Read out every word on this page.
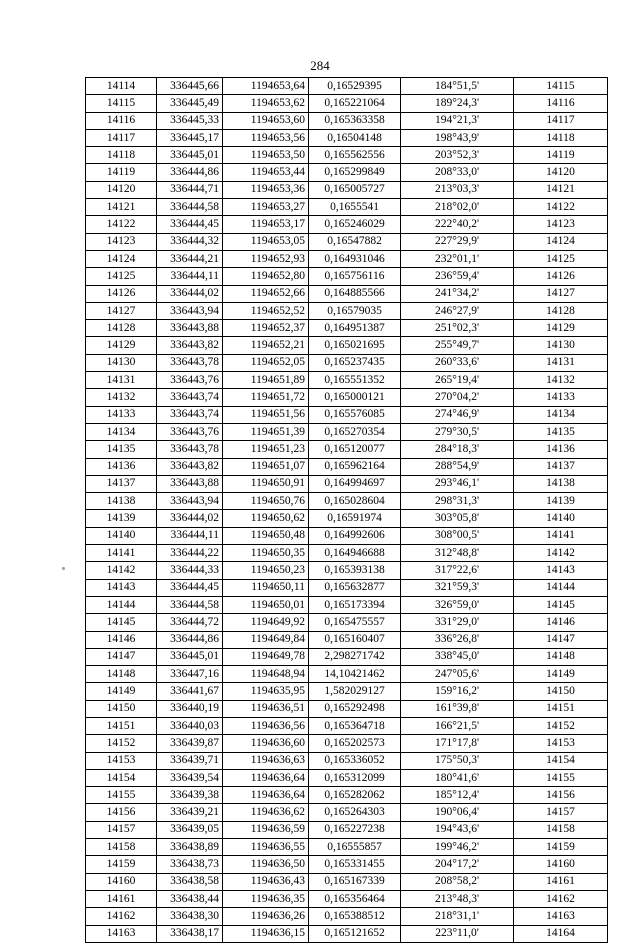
284
14114	336445,66	1194653,64	0,16529395	184°51,5'	14115
14115	336445,49	1194653,62	0,165221064	189°24,3'	14116
14116	336445,33	1194653,60	0,165363358	194°21,3'	14117
14117	336445,17	1194653,56	0,16504148	198°43,9'	14118
14118	336445,01	1194653,50	0,165562556	203°52,3'	14119
14119	336444,86	1194653,44	0,165299849	208°33,0'	14120
14120	336444,71	1194653,36	0,165005727	213°03,3'	14121
14121	336444,58	1194653,27	0,1655541	218°02,0'	14122
14122	336444,45	1194653,17	0,165246029	222°40,2'	14123
14123	336444,32	1194653,05	0,16547882	227°29,9'	14124
14124	336444,21	1194652,93	0,164931046	232°01,1'	14125
14125	336444,11	1194652,80	0,165756116	236°59,4'	14126
14126	336444,02	1194652,66	0,164885566	241°34,2'	14127
14127	336443,94	1194652,52	0,16579035	246°27,9'	14128
14128	336443,88	1194652,37	0,164951387	251°02,3'	14129
14129	336443,82	1194652,21	0,165021695	255°49,7'	14130
14130	336443,78	1194652,05	0,165237435	260°33,6'	14131
14131	336443,76	1194651,89	0,165551352	265°19,4'	14132
14132	336443,74	1194651,72	0,165000121	270°04,2'	14133
14133	336443,74	1194651,56	0,165576085	274°46,9'	14134
14134	336443,76	1194651,39	0,165270354	279°30,5'	14135
14135	336443,78	1194651,23	0,165120077	284°18,3'	14136
14136	336443,82	1194651,07	0,165962164	288°54,9'	14137
14137	336443,88	1194650,91	0,164994697	293°46,1'	14138
14138	336443,94	1194650,76	0,165028604	298°31,3'	14139
14139	336444,02	1194650,62	0,16591974	303°05,8'	14140
14140	336444,11	1194650,48	0,164992606	308°00,5'	14141
14141	336444,22	1194650,35	0,164946688	312°48,8'	14142
14142	336444,33	1194650,23	0,165393138	317°22,6'	14143
14143	336444,45	1194650,11	0,165632877	321°59,3'	14144
14144	336444,58	1194650,01	0,165173394	326°59,0'	14145
14145	336444,72	1194649,92	0,165475557	331°29,0'	14146
14146	336444,86	1194649,84	0,165160407	336°26,8'	14147
14147	336445,01	1194649,78	2,298271742	338°45,0'	14148
14148	336447,16	1194648,94	14,10421462	247°05,6'	14149
14149	336441,67	1194635,95	1,582029127	159°16,2'	14150
14150	336440,19	1194636,51	0,165292498	161°39,8'	14151
14151	336440,03	1194636,56	0,165364718	166°21,5'	14152
14152	336439,87	1194636,60	0,165202573	171°17,8'	14153
14153	336439,71	1194636,63	0,165336052	175°50,3'	14154
14154	336439,54	1194636,64	0,165312099	180°41,6'	14155
14155	336439,38	1194636,64	0,165282062	185°12,4'	14156
14156	336439,21	1194636,62	0,165264303	190°06,4'	14157
14157	336439,05	1194636,59	0,165227238	194°43,6'	14158
14158	336438,89	1194636,55	0,16555857	199°46,2'	14159
14159	336438,73	1194636,50	0,165331455	204°17,2'	14160
14160	336438,58	1194636,43	0,165167339	208°58,2'	14161
14161	336438,44	1194636,35	0,165356464	213°48,3'	14162
14162	336438,30	1194636,26	0,165388512	218°31,1'	14163
14163	336438,17	1194636,15	0,165121652	223°11,0'	14164
